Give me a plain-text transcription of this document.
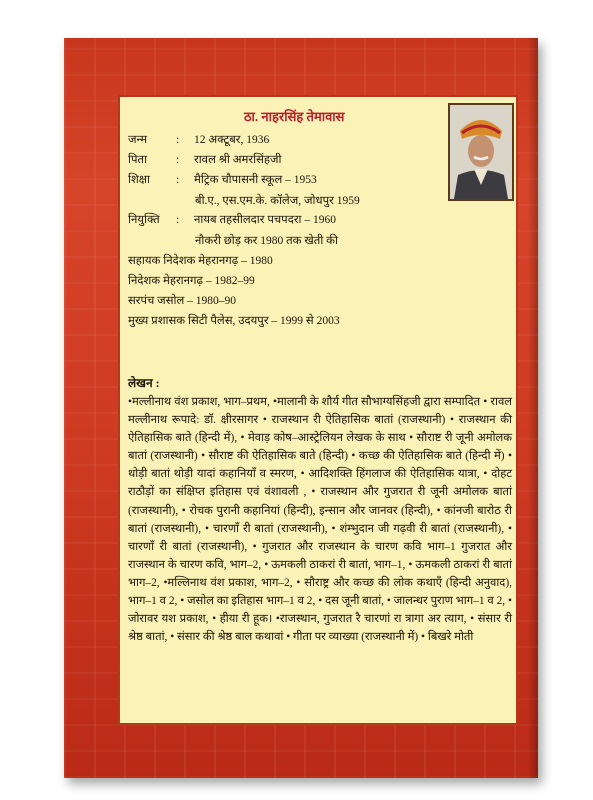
ठा. नाहरसिंह तेमावास
जन्म	: 12 अक्टूबर, 1936
पिता	: रावल श्री अमरसिंहजी
शिक्षा : मैट्रिक चौपासनी स्कूल – 1953
बी.ए., एस.एम.के. कॉलेज, जोधपुर 1959
नियुक्ति : नायब तहसीलदार पचपदरा – 1960
नौकरी छोड़ कर 1980 तक खेती की
सहायक निदेशक मेहरानगढ़ – 1980
निदेशक मेहरानगढ़ – 1982–99
सरपंच जसोल – 1980–90
मुख्य प्रशासक सिटी पैलेस, उदयपुर – 1999 से 2003
लेखन :
•मल्लीनाथ वंश प्रकाश, भाग–प्रथम, •मालानी के शौर्य गीत सौभाग्यसिंहजी द्वारा सम्पादित • रावल मल्लीनाथ रूपादे: डॉ. क्षीरसागर • राजस्थान री ऐतिहासिक बातां (राजस्थानी) • राजस्थान की ऐतिहासिक बाते (हिन्दी में), • मेवाड़ कोष–आस्ट्रेलियन लेखक के साथ • सौराष्ट री जूनी अमोलक बातां (राजस्थानी) • सौराष्ट की ऐतिहासिक बाते (हिन्दी) • कच्छ की ऐतिहासिक बाते (हिन्दी में) • थोड़ी बातां थोड़ी यादां कहानियाँ व स्मरण, • आदिशक्ति हिंगलाज की ऐतिहासिक यात्रा, • दोहट राठौड़ों का संक्षिप्त इतिहास एवं वंशावली , • राजस्थान और गुजरात री जूनी अमोलक बातां (राजस्थानी), • रोचक पुरानी कहानियां (हिन्दी), इन्सान और जानवर (हिन्दी), • कांनजी बारोठ री बातां (राजस्थानी), • चारणाँ री बातां (राजस्थानी), • शंम्भुदान जी गढ़वी री बातां (राजस्थानी), • चारणाँ री बातां (राजस्थानी), • गुजरात और राजस्थान के चारण कवि भाग–1 गुजरात और राजस्थान के चारण कवि, भाग–2, • ऊमकली ठाकरां री बातां, भाग–1, • ऊमकली ठाकरां री बातां भाग–2, •मल्लिनाथ वंश प्रकाश, भाग–2, • सौराष्ट्र और कच्छ की लोक कथाएँ (हिन्दी अनुवाद), भाग–1 व 2, • जसोल का इतिहास भाग–1 व 2, • दस जूनी बातां, • जालन्धर पुराण भाग–1 व 2, • जोरावर यश प्रकाश, • हीया री हूक। •राजस्थान, गुजरात रै चारणां रा त्रागा अर त्याग, • संसार री श्रेष्ठ बातां, • संसार की श्रेष्ठ बाल कथावां • गीता पर व्याख्या (राजस्थानी में) • बिखरे मोती
